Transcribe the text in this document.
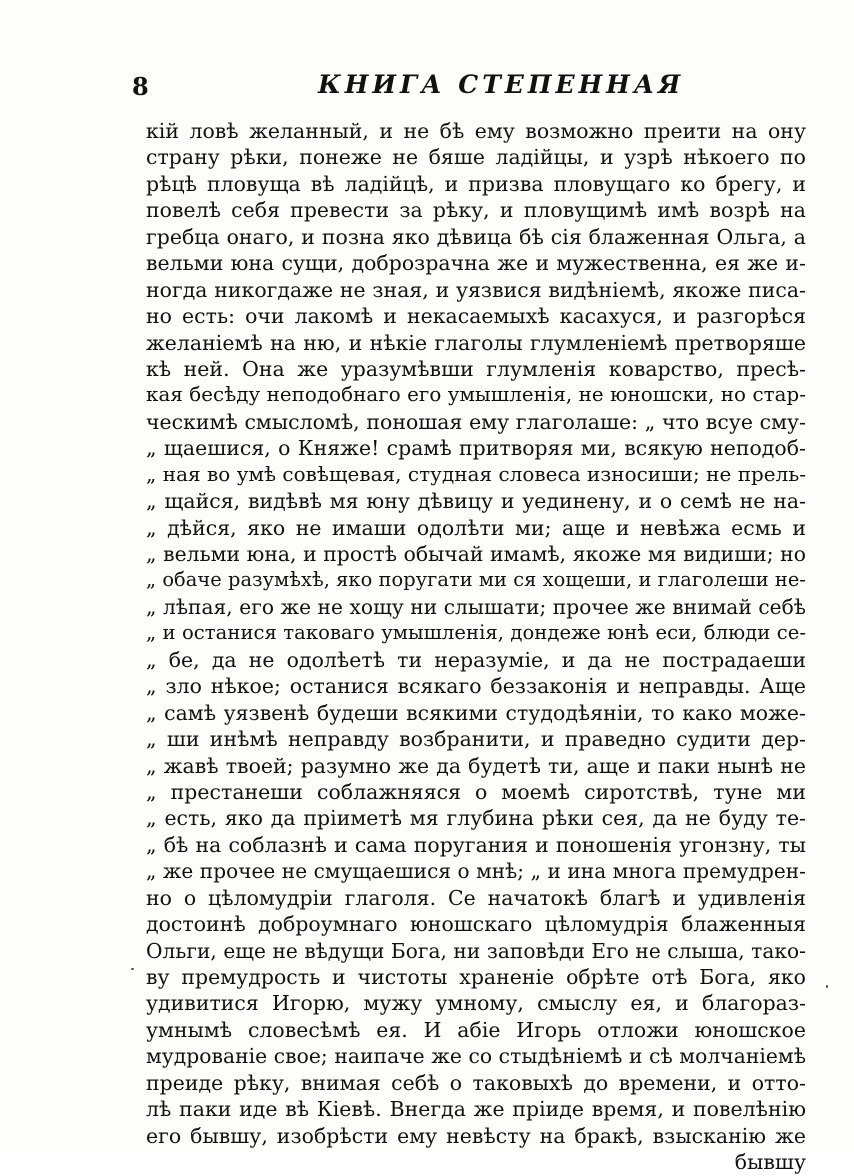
8	КНИГА СТЕПЕННАЯ
кій ловѣ желанный, и не бѣ ему возможно преити на ону
страну рѣки, понеже не бяше ладійцы, и узрѣ нѣкоего по
рѣцѣ пловуща вѣ ладійцѣ, и призва пловущаго ко брегу, и
повелѣ себя превести за рѣку, и пловущимѣ имѣ возрѣ на
гребца онаго, и позна яко дѣвица бѣ сія блаженная Ольга, а
вельми юна сущи, доброзрачна же и мужественна, ея же и-
ногда никогдаже не зная, и уязвися видѣніемѣ, якоже писа-
но есть: очи лакомѣ и некасаемыхѣ касахуся, и разгорѣся
желаніемѣ на ню, и нѣкіе глаголы глумленіемѣ претворяше
кѣ ней. Она же уразумѣвши глумленія коварство, пресѣ-
кая бесѣду неподобнаго его умышленія, не юношски, но стар-
ческимѣ смысломѣ, поношая ему глаголаше: „ что всуе сму-
„ щаешися, о Княже! срамѣ притворяя ми, всякую неподоб-
„ ная во умѣ совѣщевая, студная словеса износиши; не прель-
„ щайся, видѣвѣ мя юну дѣвицу и уединену, и о семѣ не на-
„ дѣйся, яко не имаши одолѣти ми; аще и невѣжа есмь и
„ вельми юна, и простѣ обычай имамѣ, якоже мя видиши; но
„ обаче разумѣхѣ, яко поругати ми ся хощеши, и глаголеши не-
„ лѣпая, его же не хощу ни слышати; прочее же внимай себѣ
„ и останися таковаго умышленія, дондеже юнѣ еси, блюди се-
„ бе, да не одолѣетѣ ти неразуміе, и да не пострадаеши
„ зло нѣкое; останися всякаго беззаконія и неправды. Аще
„ самѣ уязвенѣ будеши всякими студодѣяніи, то како може-
„ ши инѣмѣ неправду возбранити, и праведно судити дер-
„ жавѣ твоей; разумно же да будетѣ ти, аще и паки нынѣ не
„ престанеши соблажняяся о моемѣ сиротствѣ, туне ми
„ есть, яко да пріиметѣ мя глубина рѣки сея, да не буду те-
„ бѣ на соблазнѣ и сама поругания и поношенія угонзну, ты
„ же прочее не смущаешися о мнѣ; „ и ина многа премудрен-
но о цѣломудріи глаголя. Се начатокѣ благѣ и удивленія
достоинѣ доброумнаго юношскаго цѣломудрія блаженныя
Ольги, еще не вѣдущи Бога, ни заповѣди Его не слыша, тако-
ву премудрость и чистоты храненіе обрѣте отѣ Бога, яко
удивитися Игорю, мужу умному, смыслу ея, и благораз-
умнымѣ словесѣмѣ ея. И абіе Игорь отложи юношское
мудрованіе свое; наипаче же со стыдѣніемѣ и сѣ молчаніемѣ
преиде рѣку, внимая себѣ о таковыхѣ до времени, и оттo-
лѣ паки иде вѣ Кіевѣ. Внегда же пріиде время, и повелѣнію
его бывшу, изобрѣсти ему невѣсту на бракѣ, взысканію же
бывшу
